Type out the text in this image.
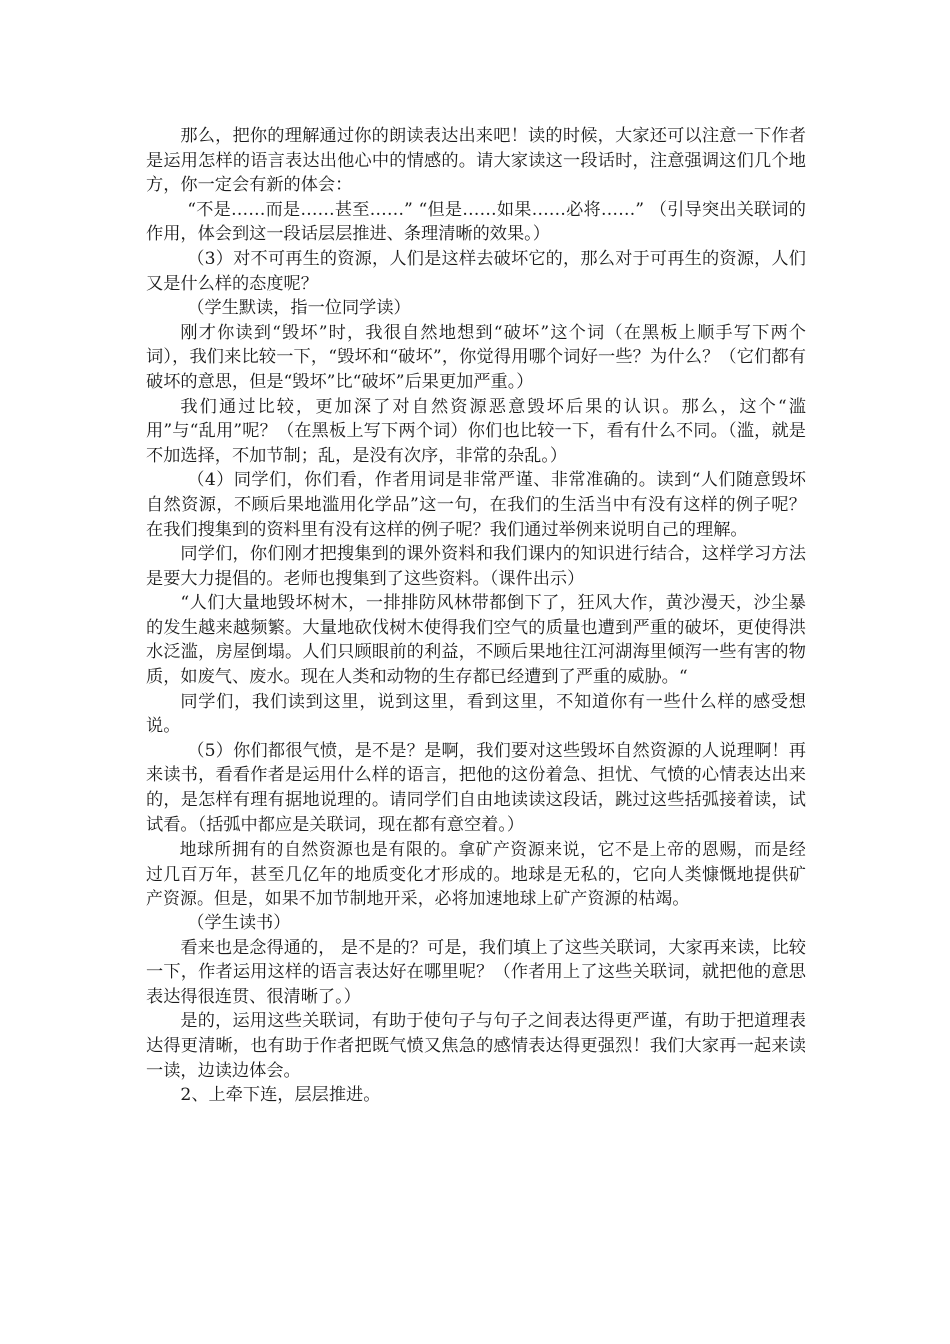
那么，把你的理解通过你的朗读表达出来吧！读的时候，大家还可以注意一下作者是运用怎样的语言表达出他心中的情感的。请大家读这一段话时，注意强调这们几个地方，你一定会有新的体会：

“不是……而是……甚至……” “但是……如果……必将……” （引导突出关联词的作用，体会到这一段话层层推进、条理清晰的效果。）

（3）对不可再生的资源，人们是这样去破坏它的，那么对于可再生的资源，人们又是什么样的态度呢？

（学生默读，指一位同学读）

刚才你读到“毁坏”时，我很自然地想到“破坏”这个词（在黑板上顺手写下两个词），我们来比较一下，“毁坏和“破坏”，你觉得用哪个词好一些？为什么？（它们都有破坏的意思，但是“毁坏”比“破坏”后果更加严重。）

我们通过比较，更加深了对自然资源恶意毁坏后果的认识。那么，这个“滥用”与“乱用”呢？（在黑板上写下两个词）你们也比较一下，看有什么不同。（滥，就是不加选择，不加节制；乱，是没有次序，非常的杂乱。）

（4）同学们，你们看，作者用词是非常严谨、非常准确的。读到“人们随意毁坏自然资源，不顾后果地滥用化学品”这一句，在我们的生活当中有没有这样的例子呢？在我们搜集到的资料里有没有这样的例子呢？我们通过举例来说明自己的理解。

同学们，你们刚才把搜集到的课外资料和我们课内的知识进行结合，这样学习方法是要大力提倡的。老师也搜集到了这些资料。（课件出示）

“人们大量地毁坏树木，一排排防风林带都倒下了，狂风大作，黄沙漫天，沙尘暴的发生越来越频繁。大量地砍伐树木使得我们空气的质量也遭到严重的破坏，更使得洪水泛滥，房屋倒塌。人们只顾眼前的利益，不顾后果地往江河湖海里倾泻一些有害的物质，如废气、废水。现在人类和动物的生存都已经遭到了严重的威胁。“

同学们，我们读到这里，说到这里，看到这里，不知道你有一些什么样的感受想说。

（5）你们都很气愤，是不是？是啊，我们要对这些毁坏自然资源的人说理啊！再来读书，看看作者是运用什么样的语言，把他的这份着急、担忧、气愤的心情表达出来的，是怎样有理有据地说理的。请同学们自由地读读这段话，跳过这些括弧接着读，试试看。（括弧中都应是关联词，现在都有意空着。）

地球所拥有的自然资源也是有限的。拿矿产资源来说，它不是上帝的恩赐，而是经过几百万年，甚至几亿年的地质变化才形成的。地球是无私的，它向人类慷慨地提供矿产资源。但是，如果不加节制地开采，必将加速地球上矿产资源的枯竭。

（学生读书）

看来也是念得通的， 是不是的？可是，我们填上了这些关联词，大家再来读，比较一下，作者运用这样的语言表达好在哪里呢？（作者用上了这些关联词，就把他的意思表达得很连贯、很清晰了。）

是的，运用这些关联词，有助于使句子与句子之间表达得更严谨，有助于把道理表达得更清晰，也有助于作者把既气愤又焦急的感情表达得更强烈！我们大家再一起来读一读，边读边体会。

2、上牵下连，层层推进。
